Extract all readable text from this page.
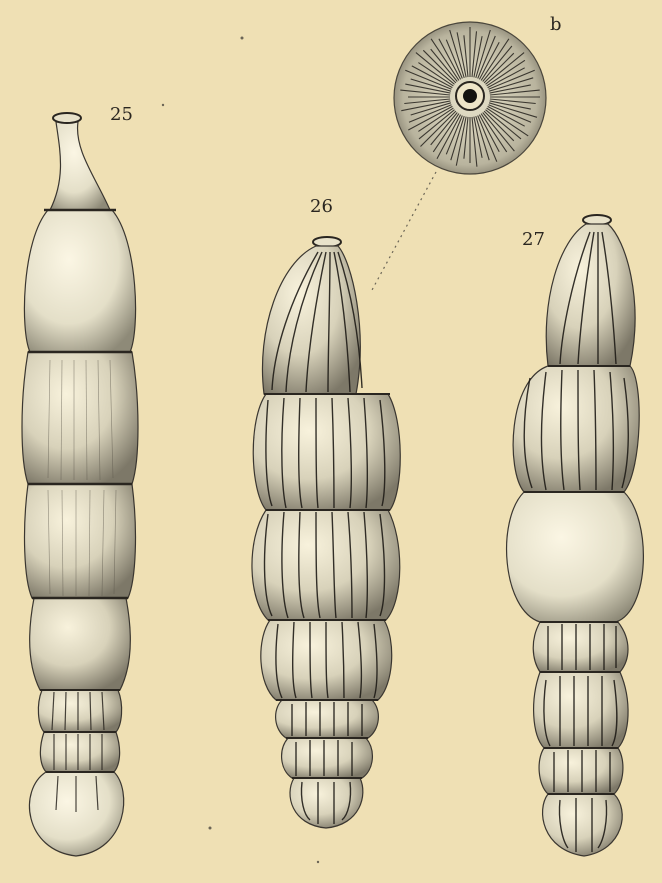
25
26
27
b
